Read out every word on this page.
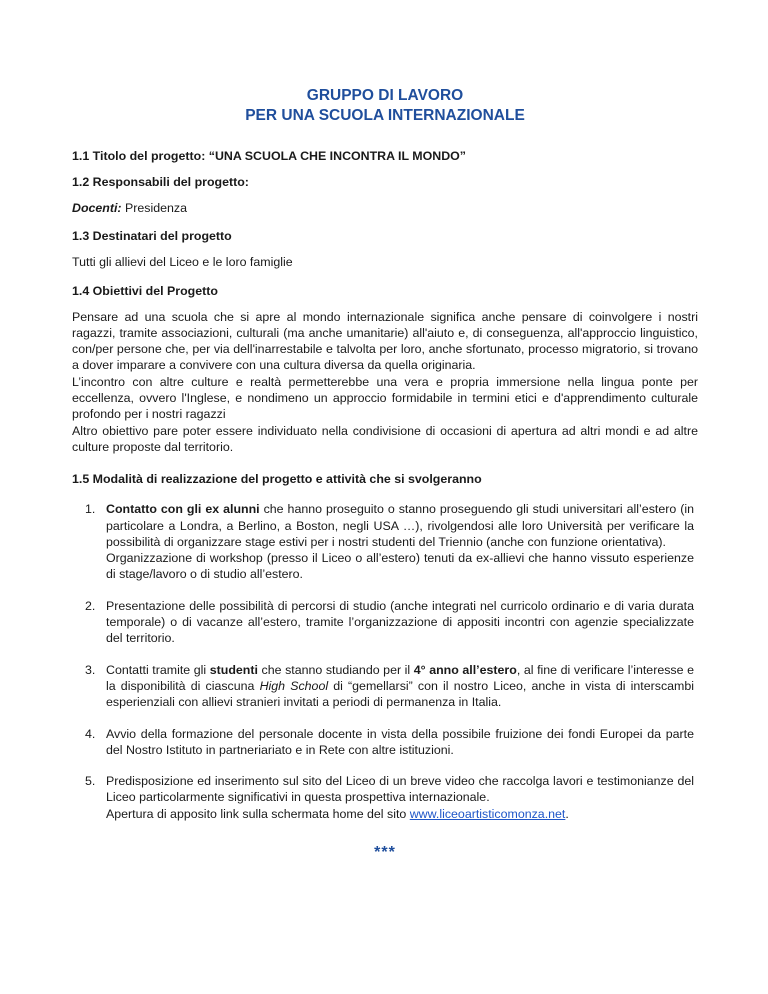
GRUPPO DI LAVORO
PER UNA SCUOLA INTERNAZIONALE
1.1 Titolo del progetto: “UNA SCUOLA CHE INCONTRA IL MONDO”
1.2 Responsabili del progetto:
Docenti: Presidenza
1.3 Destinatari del progetto
Tutti gli allievi del Liceo e le loro famiglie
1.4 Obiettivi del Progetto
Pensare ad una scuola che si apre al mondo internazionale significa anche pensare di coinvolgere i nostri ragazzi, tramite associazioni, culturali (ma anche umanitarie) all'aiuto e, di conseguenza, all'approccio linguistico, con/per persone che, per via dell'inarrestabile e talvolta per loro, anche sfortunato, processo migratorio, si trovano a dover imparare a convivere con una cultura diversa da quella originaria.
L’incontro con altre culture e realtà permetterebbe una vera e propria immersione nella lingua ponte per eccellenza, ovvero l'Inglese, e nondimeno un approccio formidabile in termini etici e d'apprendimento culturale profondo per i nostri ragazzi
Altro obiettivo pare poter essere individuato nella condivisione di occasioni di apertura ad altri mondi e ad altre culture proposte dal territorio.
1.5 Modalità di realizzazione del progetto e attività che si svolgeranno
1. Contatto con gli ex alunni che hanno proseguito o stanno proseguendo gli studi universitari all’estero (in particolare a Londra, a Berlino, a Boston, negli USA …), rivolgendosi alle loro Università per verificare la possibilità di organizzare stage estivi per i nostri studenti del Triennio (anche con funzione orientativa).
Organizzazione di workshop (presso il Liceo o all’estero) tenuti da ex-allievi che hanno vissuto esperienze di stage/lavoro o di studio all’estero.
2. Presentazione delle possibilità di percorsi di studio (anche integrati nel curricolo ordinario e di varia durata temporale) o di vacanze all’estero, tramite l’organizzazione di appositi incontri con agenzie specializzate del territorio.
3. Contatti tramite gli studenti che stanno studiando per il 4° anno all’estero, al fine di verificare l’interesse e la disponibilità di ciascuna High School di “gemellarsi” con il nostro Liceo, anche in vista di interscambi esperienziali con allievi stranieri invitati a periodi di permanenza in Italia.
4. Avvio della formazione del personale docente in vista della possibile fruizione dei fondi Europei da parte del Nostro Istituto in partneriariato e in Rete con altre istituzioni.
5. Predisposizione ed inserimento sul sito del Liceo di un breve video che raccolga lavori e testimonianze del Liceo particolarmente significativi in questa prospettiva internazionale.
Apertura di apposito link sulla schermata home del sito www.liceoartisticomonza.net.
***
